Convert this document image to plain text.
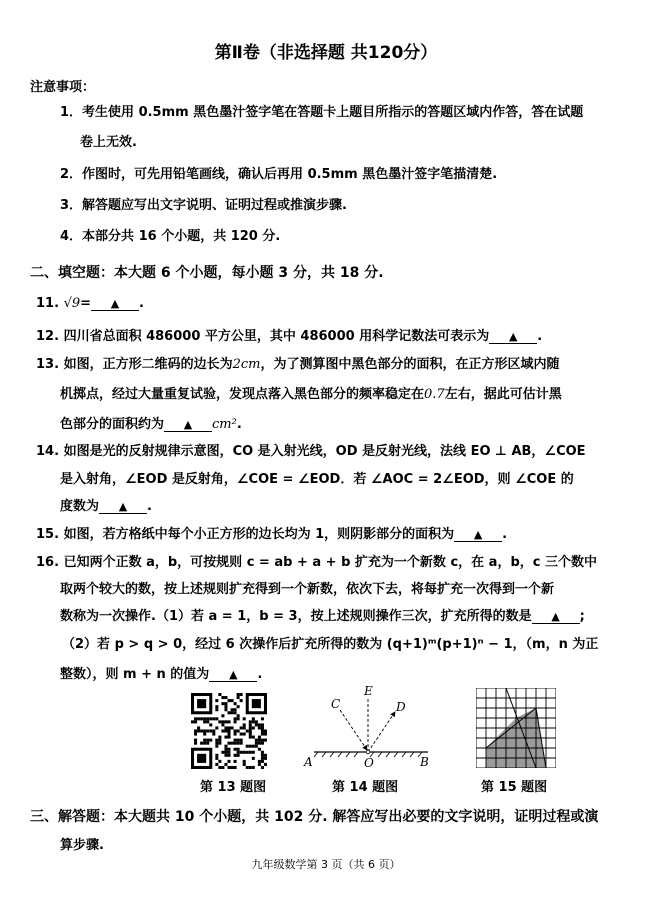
第Ⅱ卷（非选择题 共120分）
注意事项：
1．考生使用 0.5mm 黑色墨汁签字笔在答题卡上题目所指示的答题区域内作答，答在试题
卷上无效.
2．作图时，可先用铅笔画线，确认后再用 0.5mm 黑色墨汁签字笔描清楚.
3．解答题应写出文字说明、证明过程或推演步骤.
4．本部分共 16 个小题，共 120 分.
二、填空题：本大题 6 个小题，每小题 3 分，共 18 分.
11. √9= ▲ .
12. 四川省总面积 486000 平方公里，其中 486000 用科学记数法可表示为 ▲ .
13. 如图，正方形二维码的边长为2cm，为了测算图中黑色部分的面积，在正方形区域内随
机掷点，经过大量重复试验，发现点落入黑色部分的频率稳定在0.7左右，据此可估计黑
色部分的面积约为 ▲ cm².
14. 如图是光的反射规律示意图，CO 是入射光线，OD 是反射光线，法线 EO ⊥ AB，∠COE
是入射角，∠EOD 是反射角，∠COE = ∠EOD．若 ∠AOC = 2∠EOD，则 ∠COE 的
度数为 ▲ .
15. 如图，若方格纸中每个小正方形的边长均为 1，则阴影部分的面积为 ▲ .
16. 已知两个正数 a，b，可按规则 c = ab + a + b 扩充为一个新数 c，在 a，b，c 三个数中
取两个较大的数，按上述规则扩充得到一个新数，依次下去，将每扩充一次得到一个新
数称为一次操作.（1）若 a = 1，b = 3，按上述规则操作三次，扩充所得的数是 ▲ ;
（2）若 p > q > 0，经过 6 次操作后扩充所得的数为 (q+1)ᵐ(p+1)ⁿ − 1，（m，n 为正
整数），则 m + n 的值为 ▲ .
第 13 题图
C
E
D
A	O	B
第 14 题图	第 15 题图
三、解答题：本大题共 10 个小题，共 102 分. 解答应写出必要的文字说明，证明过程或演
算步骤.
九年级数学第 3 页（共 6 页）
